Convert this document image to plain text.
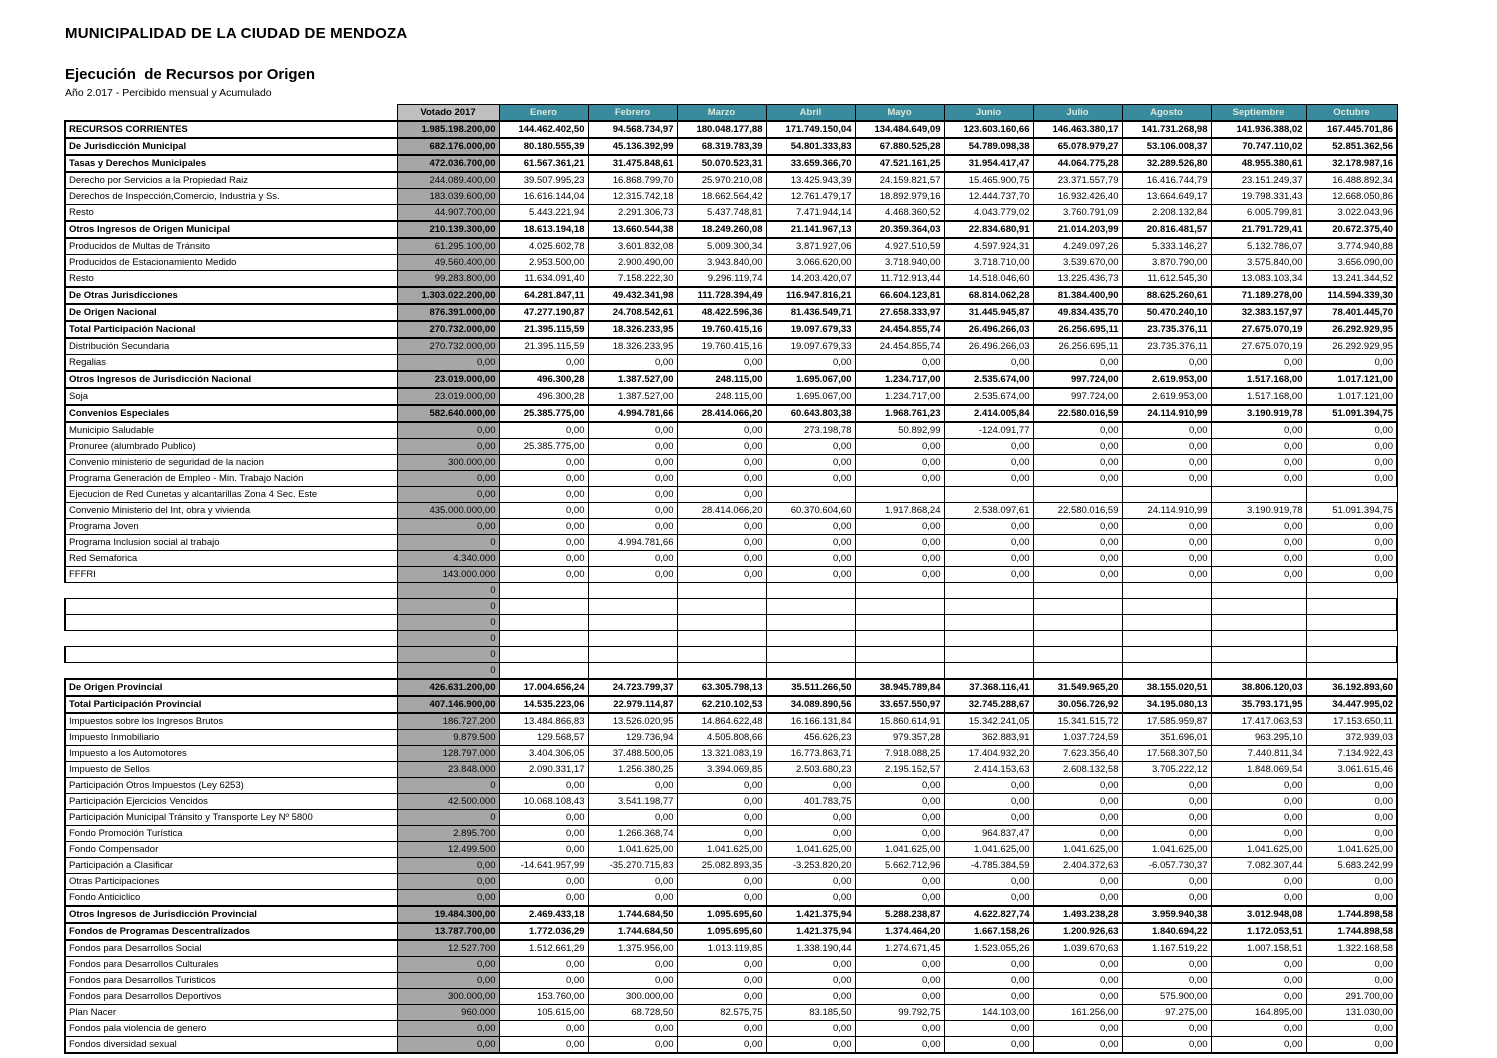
MUNICIPALIDAD DE LA CIUDAD DE MENDOZA
Ejecución  de Recursos por Origen
Año 2.017 - Percibido mensual y Acumulado
	Votado 2017	Enero	Febrero	Marzo	Abril	Mayo	Junio	Julio	Agosto	Septiembre	Octubre
RECURSOS CORRIENTES	1.985.198.200,00	144.462.402,50	94.568.734,97	180.048.177,88	171.749.150,04	134.484.649,09	123.603.160,66	146.463.380,17	141.731.268,98	141.936.388,02	167.445.701,86
De Jurisdicción Municipal	682.176.000,00	80.180.555,39	45.136.392,99	68.319.783,39	54.801.333,83	67.880.525,28	54.789.098,38	65.078.979,27	53.106.008,37	70.747.110,02	52.851.362,56
Tasas y Derechos Municipales	472.036.700,00	61.567.361,21	31.475.848,61	50.070.523,31	33.659.366,70	47.521.161,25	31.954.417,47	44.064.775,28	32.289.526,80	48.955.380,61	32.178.987,16
Derecho por Servicios a la Propiedad Raiz	244.089.400,00	39.507.995,23	16.868.799,70	25.970.210,08	13.425.943,39	24.159.821,57	15.465.900,75	23.371.557,79	16.416.744,79	23.151.249,37	16.488.892,34
Derechos de Inspección,Comercio, Industria y Ss.	183.039.600,00	16.616.144,04	12.315.742,18	18.662.564,42	12.761.479,17	18.892.979,16	12.444.737,70	16.932.426,40	13.664.649,17	19.798.331,43	12.668.050,86
Resto	44.907.700,00	5.443.221,94	2.291.306,73	5.437.748,81	7.471.944,14	4.468.360,52	4.043.779,02	3.760.791,09	2.208.132,84	6.005.799,81	3.022.043,96
Otros Ingresos de Origen Municipal	210.139.300,00	18.613.194,18	13.660.544,38	18.249.260,08	21.141.967,13	20.359.364,03	22.834.680,91	21.014.203,99	20.816.481,57	21.791.729,41	20.672.375,40
Producidos de Multas de Tránsito	61.295.100,00	4.025.602,78	3.601.832,08	5.009.300,34	3.871.927,06	4.927.510,59	4.597.924,31	4.249.097,26	5.333.146,27	5.132.786,07	3.774.940,88
Producidos de Estacionamiento Medido	49.560.400,00	2.953.500,00	2.900.490,00	3.943.840,00	3.066.620,00	3.718.940,00	3.718.710,00	3.539.670,00	3.870.790,00	3.575.840,00	3.656.090,00
Resto	99.283.800,00	11.634.091,40	7.158.222,30	9.296.119,74	14.203.420,07	11.712.913,44	14.518.046,60	13.225.436,73	11.612.545,30	13.083.103,34	13.241.344,52
De Otras Jurisdicciones	1.303.022.200,00	64.281.847,11	49.432.341,98	111.728.394,49	116.947.816,21	66.604.123,81	68.814.062,28	81.384.400,90	88.625.260,61	71.189.278,00	114.594.339,30
De Origen Nacional	876.391.000,00	47.277.190,87	24.708.542,61	48.422.596,36	81.436.549,71	27.658.333,97	31.445.945,87	49.834.435,70	50.470.240,10	32.383.157,97	78.401.445,70
Total Participación Nacional	270.732.000,00	21.395.115,59	18.326.233,95	19.760.415,16	19.097.679,33	24.454.855,74	26.496.266,03	26.256.695,11	23.735.376,11	27.675.070,19	26.292.929,95
Distribución Secundaria	270.732.000,00	21.395.115,59	18.326.233,95	19.760.415,16	19.097.679,33	24.454.855,74	26.496.266,03	26.256.695,11	23.735.376,11	27.675.070,19	26.292.929,95
Regalias	0,00	0,00	0,00	0,00	0,00	0,00	0,00	0,00	0,00	0,00	0,00
Otros Ingresos de Jurisdicción Nacional	23.019.000,00	496.300,28	1.387.527,00	248.115,00	1.695.067,00	1.234.717,00	2.535.674,00	997.724,00	2.619.953,00	1.517.168,00	1.017.121,00
Soja	23.019.000,00	496.300,28	1.387.527,00	248.115,00	1.695.067,00	1.234.717,00	2.535.674,00	997.724,00	2.619.953,00	1.517.168,00	1.017.121,00
Convenios Especiales	582.640.000,00	25.385.775,00	4.994.781,66	28.414.066,20	60.643.803,38	1.968.761,23	2.414.005,84	22.580.016,59	24.114.910,99	3.190.919,78	51.091.394,75
Municipio Saludable	0,00	0,00	0,00	0,00	273.198,78	50.892,99	-124.091,77	0,00	0,00	0,00	0,00
Pronuree (alumbrado Publico)	0,00	25.385.775,00	0,00	0,00	0,00	0,00	0,00	0,00	0,00	0,00	0,00
Convenio ministerio de seguridad de la nacion	300.000,00	0,00	0,00	0,00	0,00	0,00	0,00	0,00	0,00	0,00	0,00
Programa Generación de Empleo - Min. Trabajo Nación	0,00	0,00	0,00	0,00	0,00	0,00	0,00	0,00	0,00	0,00	0,00
Ejecucion de Red Cunetas y alcantarillas Zona 4 Sec. Este	0,00	0,00	0,00	0,00							
Convenio Ministerio del Int, obra y vivienda	435.000.000,00	0,00	0,00	28.414.066,20	60.370.604,60	1.917.868,24	2.538.097,61	22.580.016,59	24.114.910,99	3.190.919,78	51.091.394,75
Programa Joven	0,00	0,00	0,00	0,00	0,00	0,00	0,00	0,00	0,00	0,00	0,00
Programa Inclusion social al trabajo	0	0,00	4.994.781,66	0,00	0,00	0,00	0,00	0,00	0,00	0,00	0,00
Red Semaforica	4.340.000	0,00	0,00	0,00	0,00	0,00	0,00	0,00	0,00	0,00	0,00
FFFRI	143.000.000	0,00	0,00	0,00	0,00	0,00	0,00	0,00	0,00	0,00	0,00
	0										
	0										
	0										
	0										
	0										
	0										
De Origen Provincial	426.631.200,00	17.004.656,24	24.723.799,37	63.305.798,13	35.511.266,50	38.945.789,84	37.368.116,41	31.549.965,20	38.155.020,51	38.806.120,03	36.192.893,60
Total Participación Provincial	407.146.900,00	14.535.223,06	22.979.114,87	62.210.102,53	34.089.890,56	33.657.550,97	32.745.288,67	30.056.726,92	34.195.080,13	35.793.171,95	34.447.995,02
Impuestos sobre los Ingresos Brutos	186.727.200	13.484.866,83	13.526.020,95	14.864.622,48	16.166.131,84	15.860.614,91	15.342.241,05	15.341.515,72	17.585.959,87	17.417.063,53	17.153.650,11
Impuesto Inmobiliario	9.879.500	129.568,57	129.736,94	4.505.808,66	456.626,23	979.357,28	362.883,91	1.037.724,59	351.696,01	963.295,10	372.939,03
Impuesto a los Automotores	128.797.000	3.404.306,05	37.488.500,05	13.321.083,19	16.773.863,71	7.918.088,25	17.404.932,20	7.623.356,40	17.568.307,50	7.440.811,34	7.134.922,43
Impuesto de Sellos	23.848.000	2.090.331,17	1.256.380,25	3.394.069,85	2.503.680,23	2.195.152,57	2.414.153,63	2.608.132,58	3.705.222,12	1.848.069,54	3.061.615,46
Participación Otros Impuestos (Ley 6253)	0	0,00	0,00	0,00	0,00	0,00	0,00	0,00	0,00	0,00	0,00
Participación Ejercicios Vencidos	42.500.000	10.068.108,43	3.541.198,77	0,00	401.783,75	0,00	0,00	0,00	0,00	0,00	0,00
Participación Municipal Tránsito y Transporte Ley Nº 5800	0	0,00	0,00	0,00	0,00	0,00	0,00	0,00	0,00	0,00	0,00
Fondo Promoción Turística	2.895.700	0,00	1.266.368,74	0,00	0,00	0,00	964.837,47	0,00	0,00	0,00	0,00
Fondo Compensador	12.499.500	0,00	1.041.625,00	1.041.625,00	1.041.625,00	1.041.625,00	1.041.625,00	1.041.625,00	1.041.625,00	1.041.625,00	1.041.625,00
Participación a Clasificar	0,00	-14.641.957,99	-35.270.715,83	25.082.893,35	-3.253.820,20	5.662.712,96	-4.785.384,59	2.404.372,63	-6.057.730,37	7.082.307,44	5.683.242,99
Otras Participaciones	0,00	0,00	0,00	0,00	0,00	0,00	0,00	0,00	0,00	0,00	0,00
Fondo Anticiclico	0,00	0,00	0,00	0,00	0,00	0,00	0,00	0,00	0,00	0,00	0,00
Otros Ingresos de Jurisdicción Provincial	19.484.300,00	2.469.433,18	1.744.684,50	1.095.695,60	1.421.375,94	5.288.238,87	4.622.827,74	1.493.238,28	3.959.940,38	3.012.948,08	1.744.898,58
Fondos de Programas Descentralizados	13.787.700,00	1.772.036,29	1.744.684,50	1.095.695,60	1.421.375,94	1.374.464,20	1.667.158,26	1.200.926,63	1.840.694,22	1.172.053,51	1.744.898,58
Fondos para Desarrollos Social	12.527.700	1.512.661,29	1.375.956,00	1.013.119,85	1.338.190,44	1.274.671,45	1.523.055,26	1.039.670,63	1.167.519,22	1.007.158,51	1.322.168,58
Fondos para Desarrollos Culturales	0,00	0,00	0,00	0,00	0,00	0,00	0,00	0,00	0,00	0,00	0,00
Fondos para Desarrollos Turisticos	0,00	0,00	0,00	0,00	0,00	0,00	0,00	0,00	0,00	0,00	0,00
Fondos para Desarrollos Deportivos	300.000,00	153.760,00	300.000,00	0,00	0,00	0,00	0,00	0,00	575.900,00	0,00	291.700,00
Plan Nacer	960.000	105.615,00	68.728,50	82.575,75	83.185,50	99.792,75	144.103,00	161.256,00	97.275,00	164.895,00	131.030,00
Fondos pala violencia de genero	0,00	0,00	0,00	0,00	0,00	0,00	0,00	0,00	0,00	0,00	0,00
Fondos diversidad sexual	0,00	0,00	0,00	0,00	0,00	0,00	0,00	0,00	0,00	0,00	0,00
